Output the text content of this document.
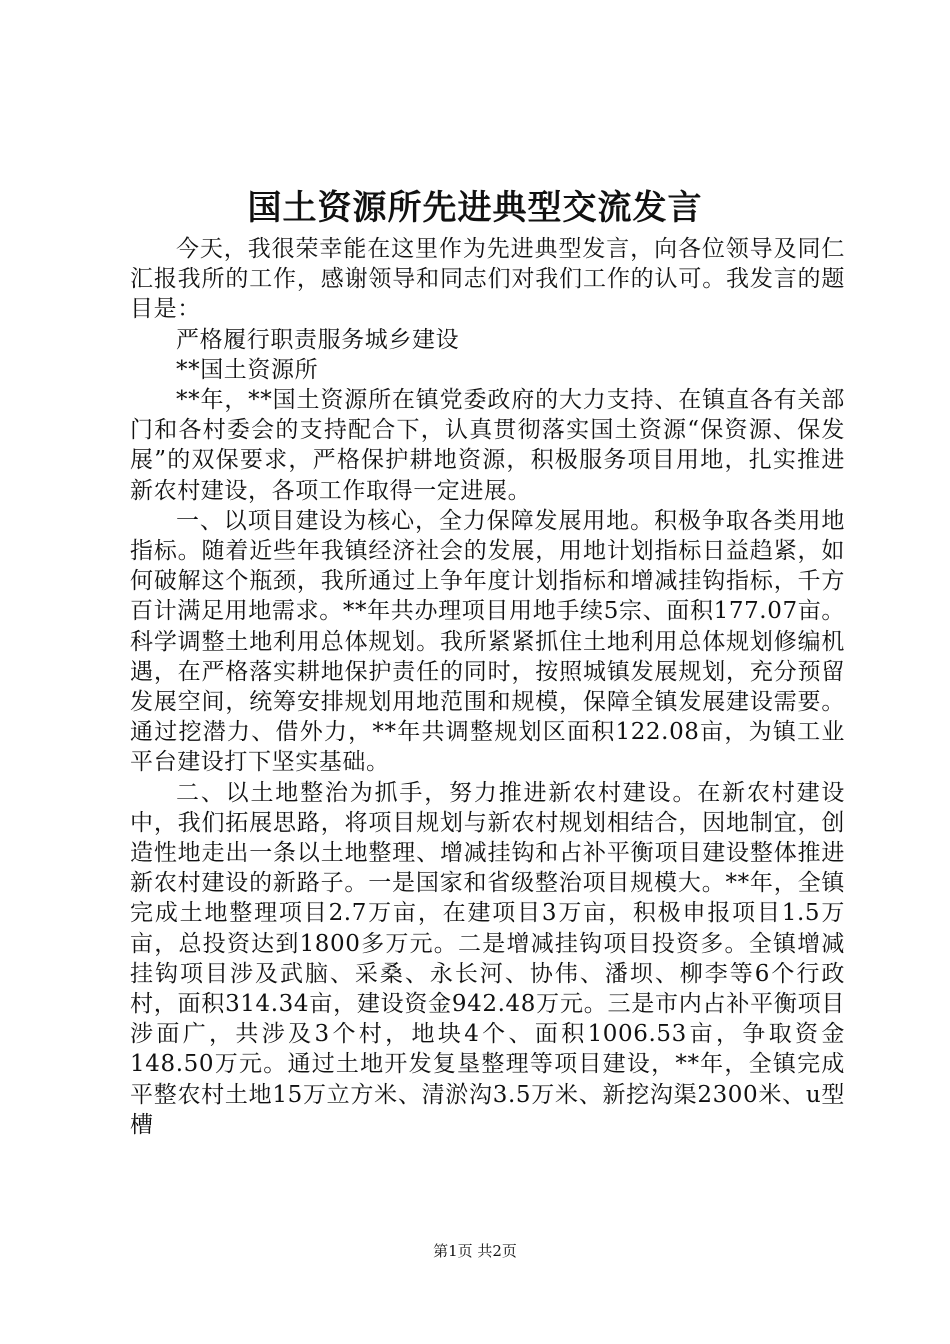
国土资源所先进典型交流发言

今天，我很荣幸能在这里作为先进典型发言，向各位领导及同仁汇报我所的工作，感谢领导和同志们对我们工作的认可。我发言的题目是：

严格履行职责服务城乡建设

**国土资源所

**年，**国土资源所在镇党委政府的大力支持、在镇直各有关部门和各村委会的支持配合下，认真贯彻落实国土资源“保资源、保发展”的双保要求，严格保护耕地资源，积极服务项目用地，扎实推进新农村建设，各项工作取得一定进展。

一、以项目建设为核心，全力保障发展用地。积极争取各类用地指标。随着近些年我镇经济社会的发展，用地计划指标日益趋紧，如何破解这个瓶颈，我所通过上争年度计划指标和增减挂钩指标，千方百计满足用地需求。**年共办理项目用地手续5宗、面积177.07亩。科学调整土地利用总体规划。我所紧紧抓住土地利用总体规划修编机遇，在严格落实耕地保护责任的同时，按照城镇发展规划，充分预留发展空间，统筹安排规划用地范围和规模，保障全镇发展建设需要。通过挖潜力、借外力，**年共调整规划区面积122.08亩，为镇工业平台建设打下坚实基础。

二、以土地整治为抓手，努力推进新农村建设。在新农村建设中，我们拓展思路，将项目规划与新农村规划相结合，因地制宜，创造性地走出一条以土地整理、增减挂钩和占补平衡项目建设整体推进新农村建设的新路子。一是国家和省级整治项目规模大。**年，全镇完成土地整理项目2.7万亩，在建项目3万亩，积极申报项目1.5万亩，总投资达到1800多万元。二是增减挂钩项目投资多。全镇增减挂钩项目涉及武脑、采桑、永长河、协伟、潘坝、柳李等6个行政村，面积314.34亩，建设资金942.48万元。三是市内占补平衡项目涉面广，共涉及3个村，地块4个、面积1006.53亩，争取资金148.50万元。通过土地开发复垦整理等项目建设，**年，全镇完成平整农村土地15万立方米、清淤沟3.5万米、新挖沟渠2300米、u型槽

第1页 共2页
